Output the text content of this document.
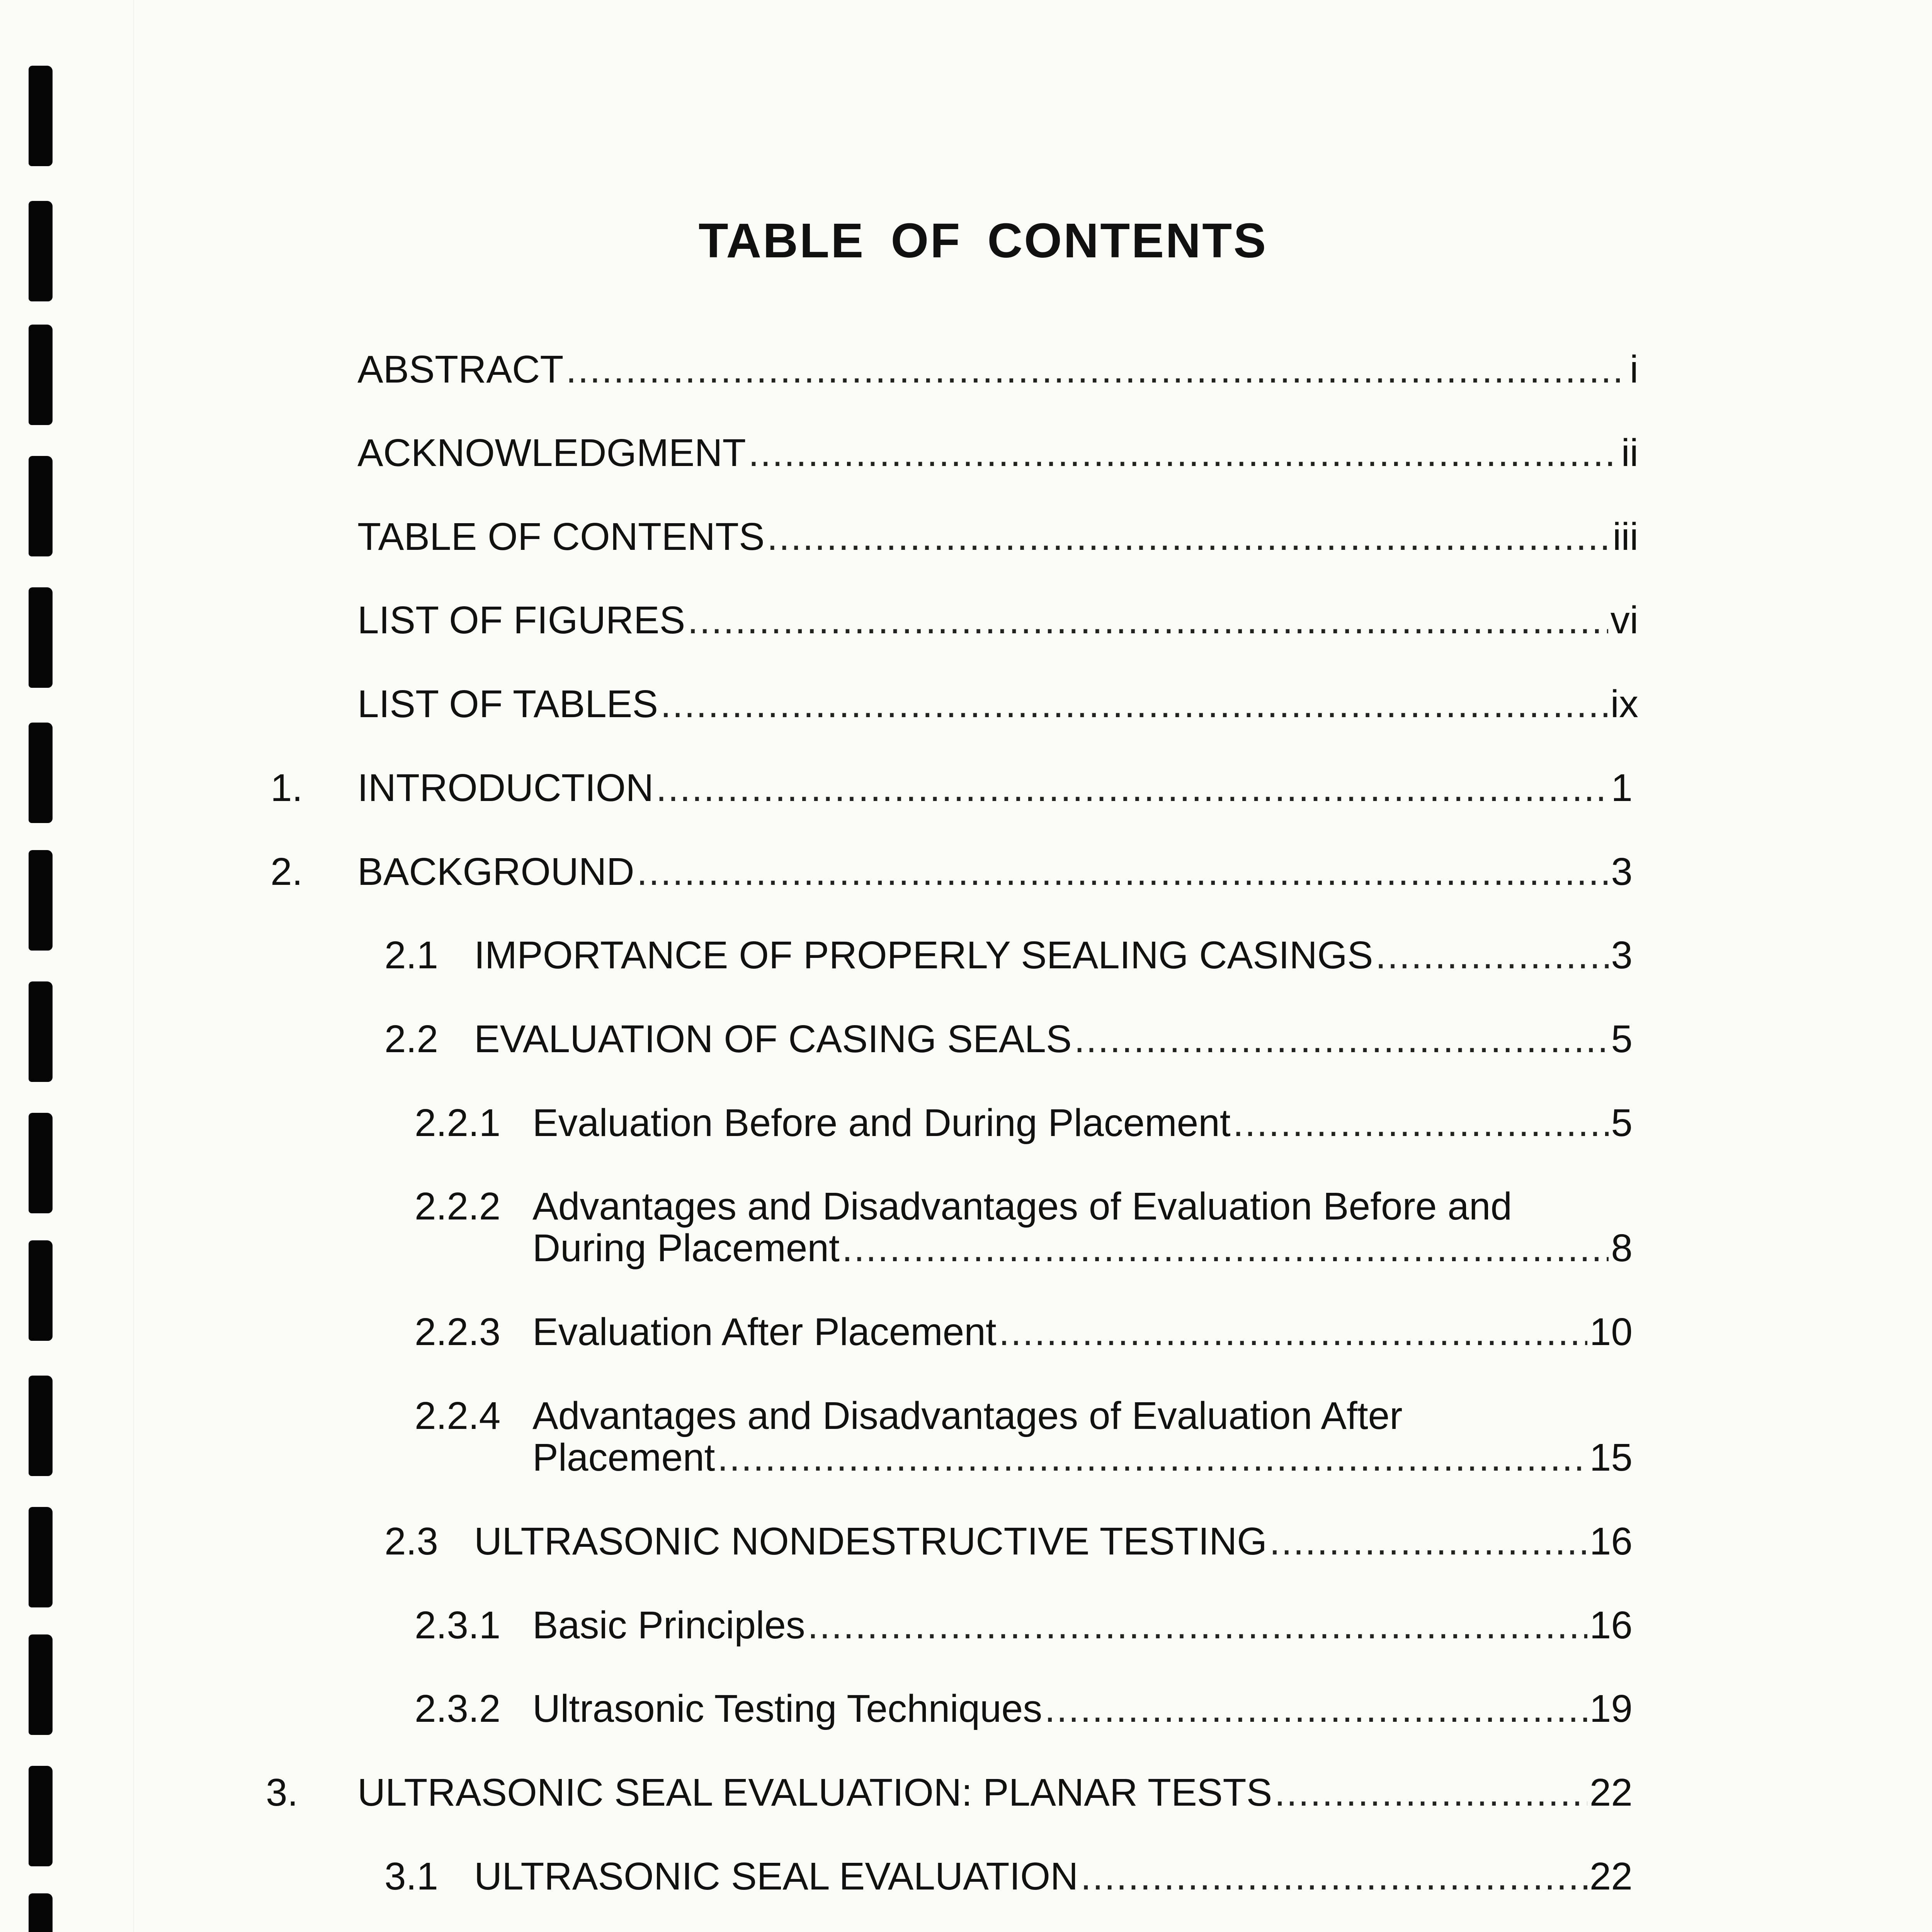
TABLE OF CONTENTS
ABSTRACT .....	i
ACKNOWLEDGMENT .....	ii
TABLE OF CONTENTS .....	iii
LIST OF FIGURES .....	vi
LIST OF TABLES .....	ix
1. INTRODUCTION .....	1
2. BACKGROUND .....	3
2.1 IMPORTANCE OF PROPERLY SEALING CASINGS .....	3
2.2 EVALUATION OF CASING SEALS .....	5
2.2.1 Evaluation Before and During Placement .....	5
2.2.2 Advantages and Disadvantages of Evaluation Before and
During Placement .....	8
2.2.3 Evaluation After Placement .....	10
2.2.4 Advantages and Disadvantages of Evaluation After
Placement .....	15
2.3 ULTRASONIC NONDESTRUCTIVE TESTING .....	16
2.3.1 Basic Principles .....	16
2.3.2 Ultrasonic Testing Techniques .....	19
3. ULTRASONIC SEAL EVALUATION: PLANAR TESTS .....	22
3.1 ULTRASONIC SEAL EVALUATION .....	22
